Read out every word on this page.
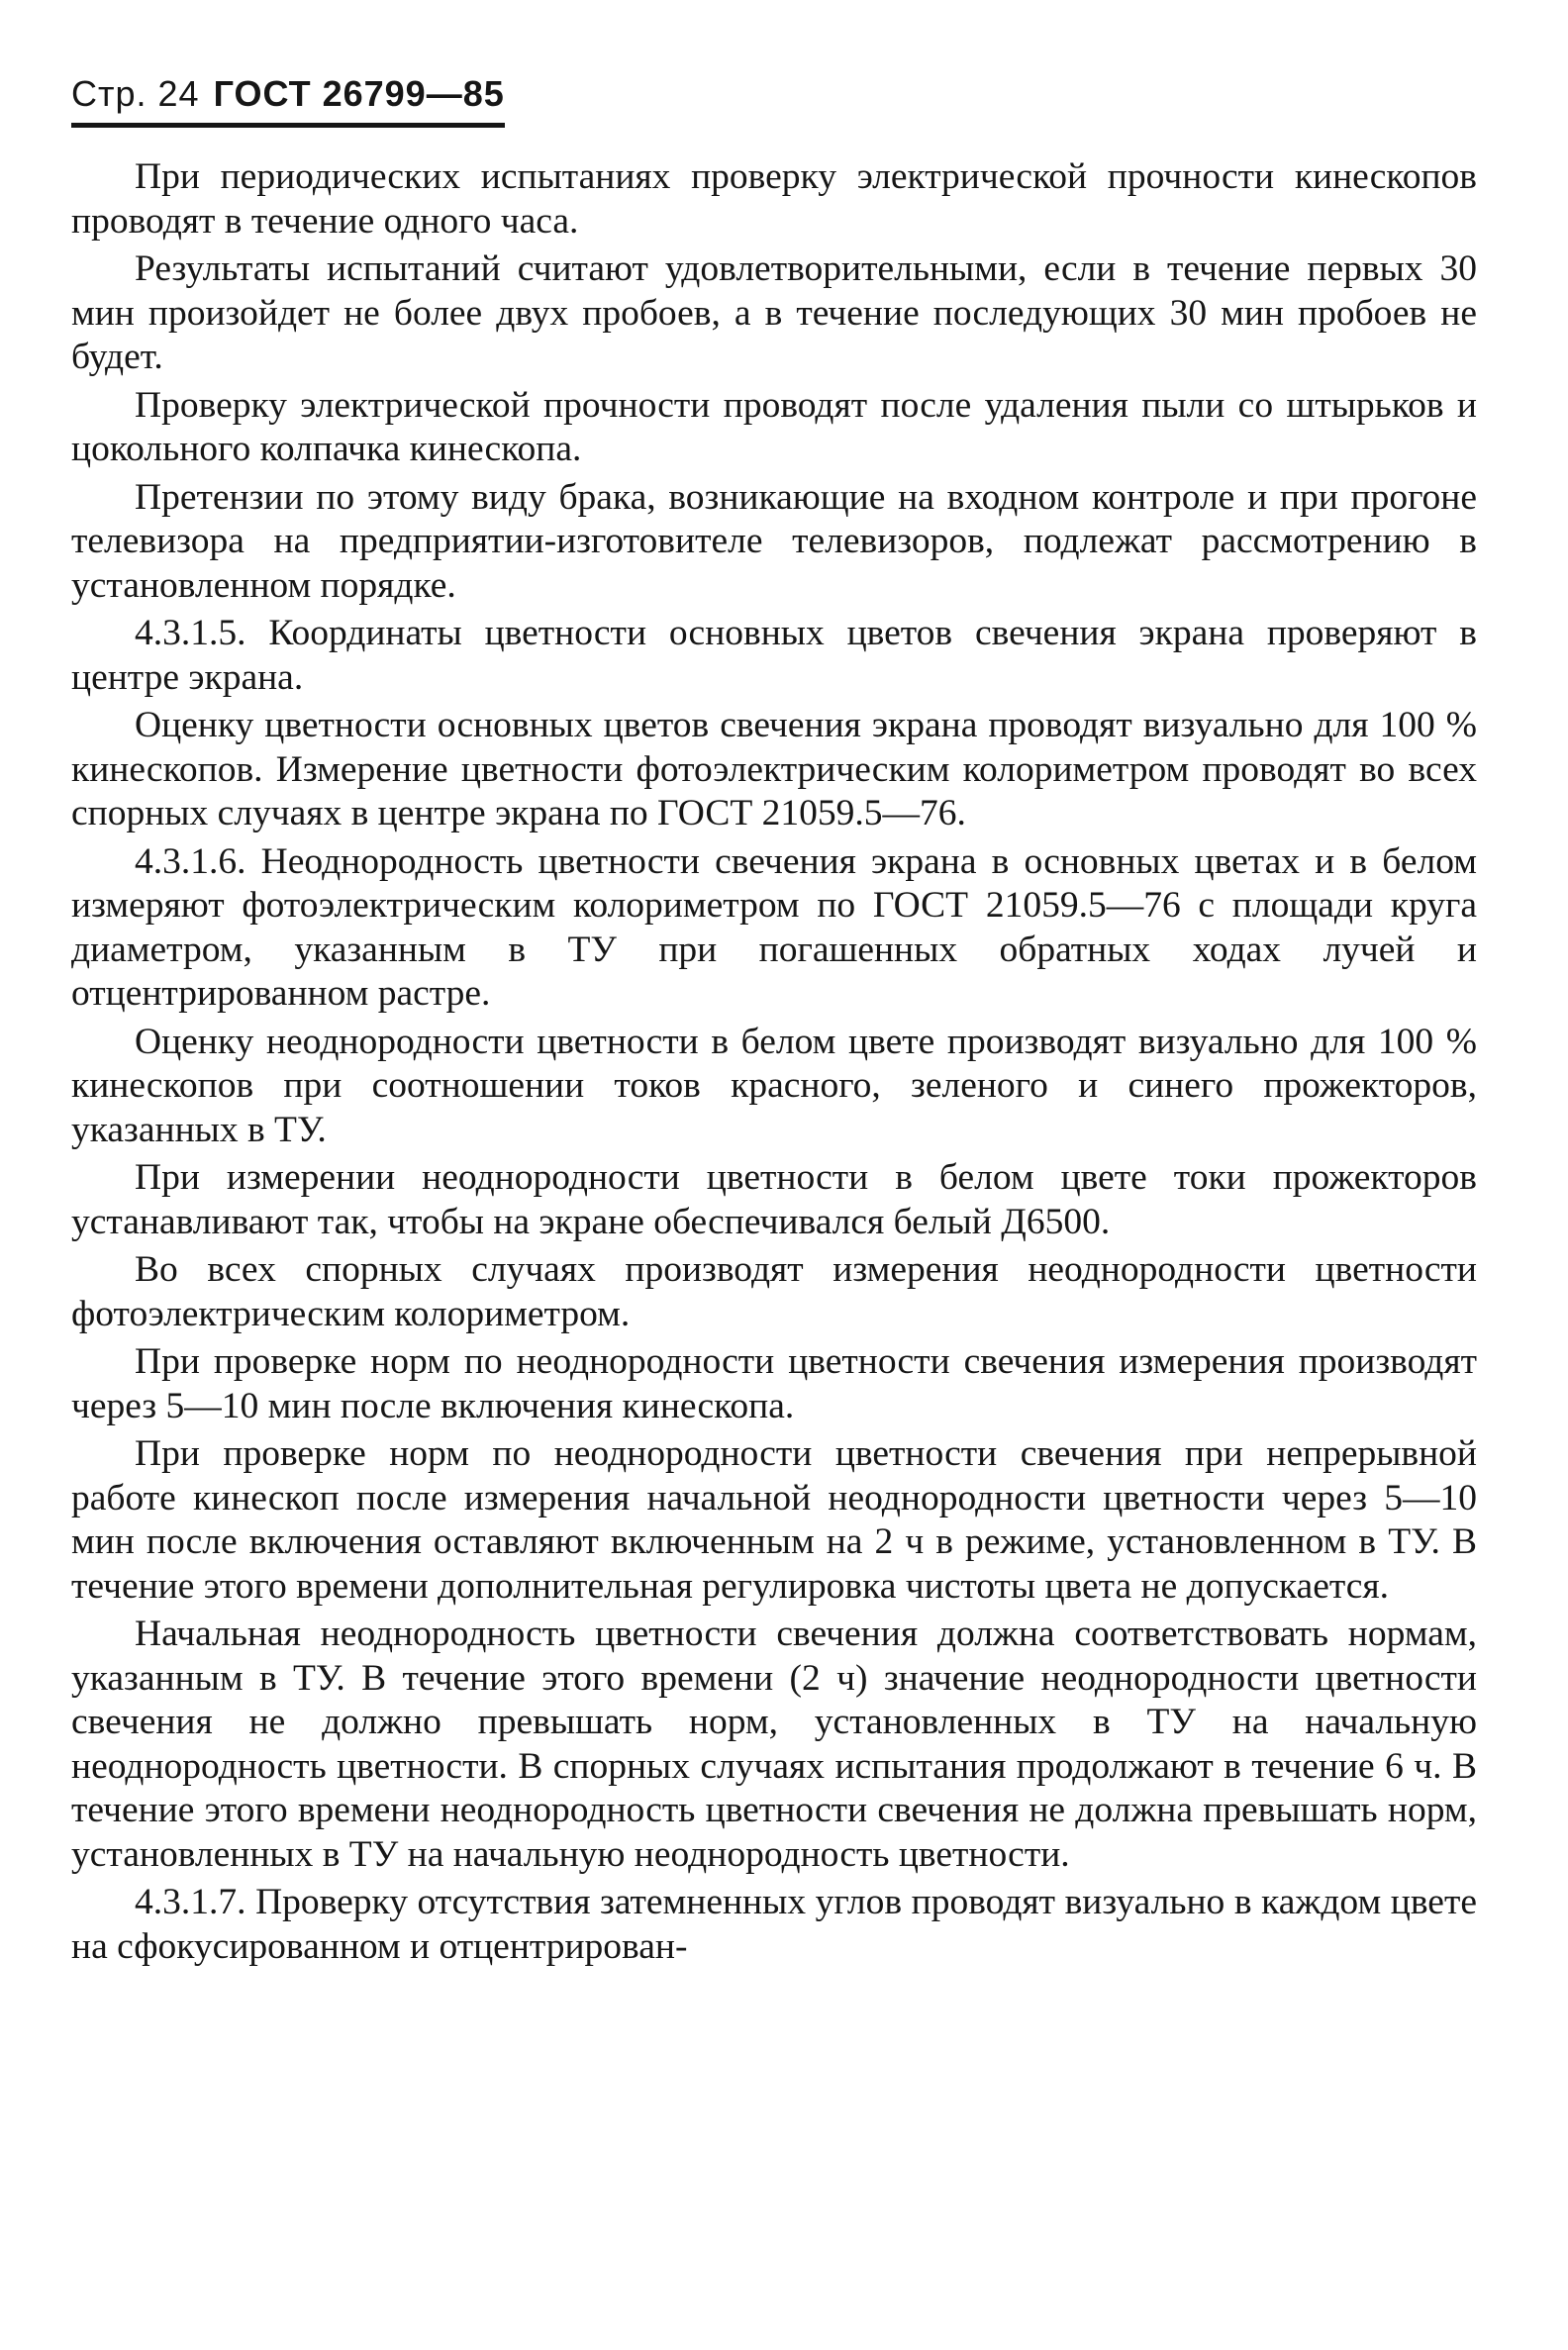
Стр. 24 ГОСТ 26799—85

При периодических испытаниях проверку электрической прочности кинескопов проводят в течение одного часа.

Результаты испытаний считают удовлетворительными, если в течение первых 30 мин произойдет не более двух пробоев, а в течение последующих 30 мин пробоев не будет.

Проверку электрической прочности проводят после удаления пыли со штырьков и цокольного колпачка кинескопа.

Претензии по этому виду брака, возникающие на входном контроле и при прогоне телевизора на предприятии-изготовителе телевизоров, подлежат рассмотрению в установленном порядке.

4.3.1.5. Координаты цветности основных цветов свечения экрана проверяют в центре экрана.

Оценку цветности основных цветов свечения экрана проводят визуально для 100 % кинескопов. Измерение цветности фотоэлектрическим колориметром проводят во всех спорных случаях в центре экрана по ГОСТ 21059.5—76.

4.3.1.6. Неоднородность цветности свечения экрана в основных цветах и в белом измеряют фотоэлектрическим колориметром по ГОСТ 21059.5—76 с площади круга диаметром, указанным в ТУ при погашенных обратных ходах лучей и отцентрированном растре.

Оценку неоднородности цветности в белом цвете производят визуально для 100 % кинескопов при соотношении токов красного, зеленого и синего прожекторов, указанных в ТУ.

При измерении неоднородности цветности в белом цвете токи прожекторов устанавливают так, чтобы на экране обеспечивался белый Д6500.

Во всех спорных случаях производят измерения неоднородности цветности фотоэлектрическим колориметром.

При проверке норм по неоднородности цветности свечения измерения производят через 5—10 мин после включения кинескопа.

При проверке норм по неоднородности цветности свечения при непрерывной работе кинескоп после измерения начальной неоднородности цветности через 5—10 мин после включения оставляют включенным на 2 ч в режиме, установленном в ТУ. В течение этого времени дополнительная регулировка чистоты цвета не допускается.

Начальная неоднородность цветности свечения должна соответствовать нормам, указанным в ТУ. В течение этого времени (2 ч) значение неоднородности цветности свечения не должно превышать норм, установленных в ТУ на начальную неоднородность цветности. В спорных случаях испытания продолжают в течение 6 ч. В течение этого времени неоднородность цветности свечения не должна превышать норм, установленных в ТУ на начальную неоднородность цветности.

4.3.1.7. Проверку отсутствия затемненных углов проводят визуально в каждом цвете на сфокусированном и отцентрирован-
